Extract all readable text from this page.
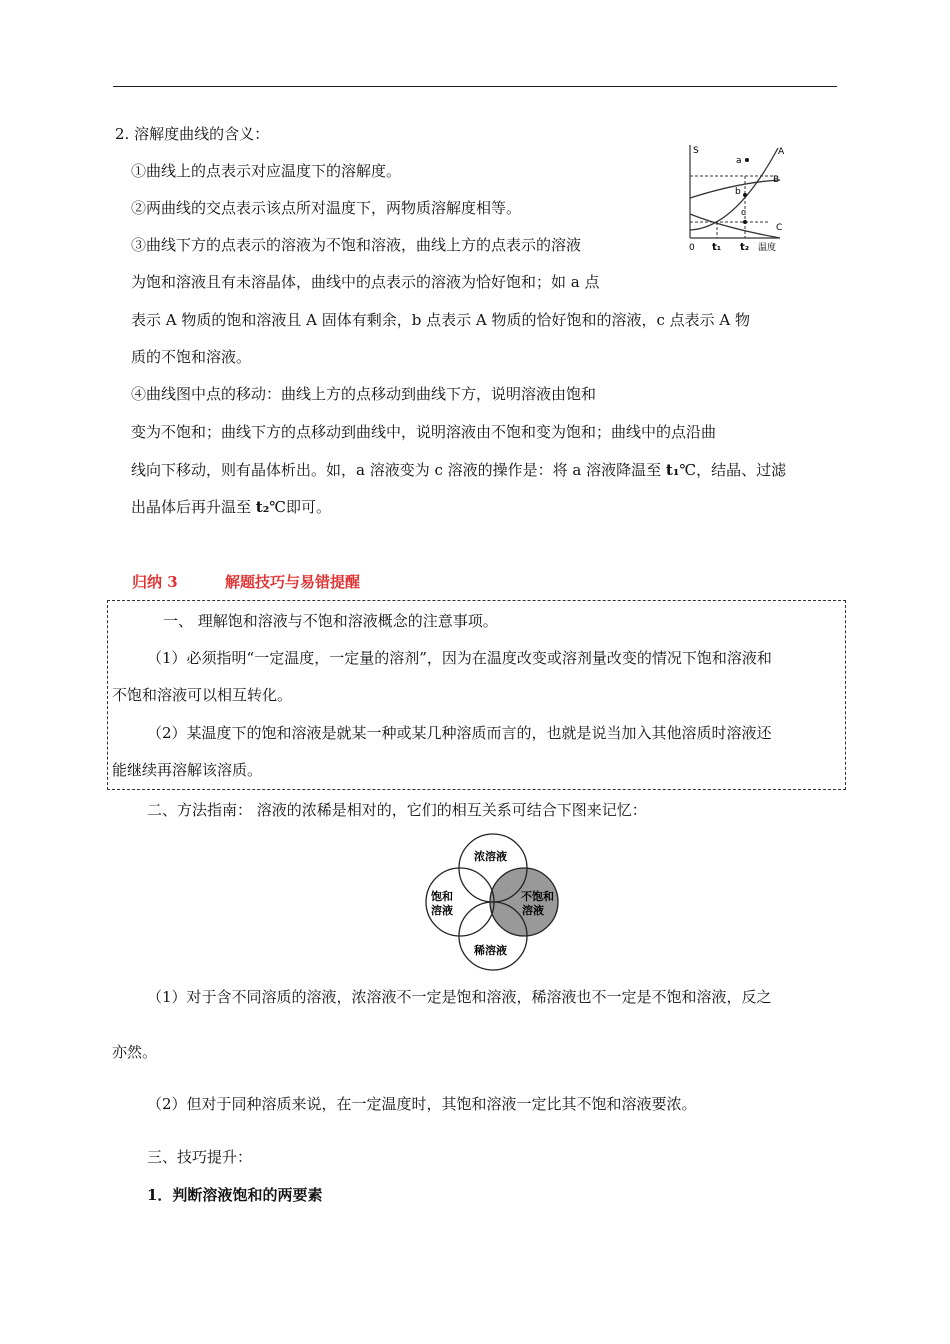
2. 溶解度曲线的含义：
①曲线上的点表示对应温度下的溶解度。
②两曲线的交点表示该点所对温度下，两物质溶解度相等。
③曲线下方的点表示的溶液为不饱和溶液，曲线上方的点表示的溶液
为饱和溶液且有未溶晶体，曲线中的点表示的溶液为恰好饱和；如 a 点
表示 A 物质的饱和溶液且 A 固体有剩余，b 点表示 A 物质的恰好饱和的溶液，c 点表示 A 物
质的不饱和溶液。
④曲线图中点的移动：曲线上方的点移动到曲线下方，说明溶液由饱和
变为不饱和；曲线下方的点移动到曲线中，说明溶液由不饱和变为饱和；曲线中的点沿曲
线向下移动，则有晶体析出。如，a 溶液变为 c 溶液的操作是：将 a 溶液降温至 t₁℃，结晶、过滤
出晶体后再升温至 t₂℃即可。
S
0 t₁ t₂ 温度
a
b
c
A
B
C
归纳 3	解题技巧与易错提醒
一、 理解饱和溶液与不饱和溶液概念的注意事项。
（1）必须指明“一定温度，一定量的溶剂”，因为在温度改变或溶剂量改变的情况下饱和溶液和
不饱和溶液可以相互转化。
（2）某温度下的饱和溶液是就某一种或某几种溶质而言的，也就是说当加入其他溶质时溶液还
能继续再溶解该溶质。
二、方法指南： 溶液的浓稀是相对的，它们的相互关系可结合下图来记忆：
浓溶液
饱和
溶液
不饱和
溶液
稀溶液
（1）对于含不同溶质的溶液，浓溶液不一定是饱和溶液，稀溶液也不一定是不饱和溶液，反之
亦然。
（2）但对于同种溶质来说，在一定温度时，其饱和溶液一定比其不饱和溶液要浓。
三、技巧提升：
1．判断溶液饱和的两要素
